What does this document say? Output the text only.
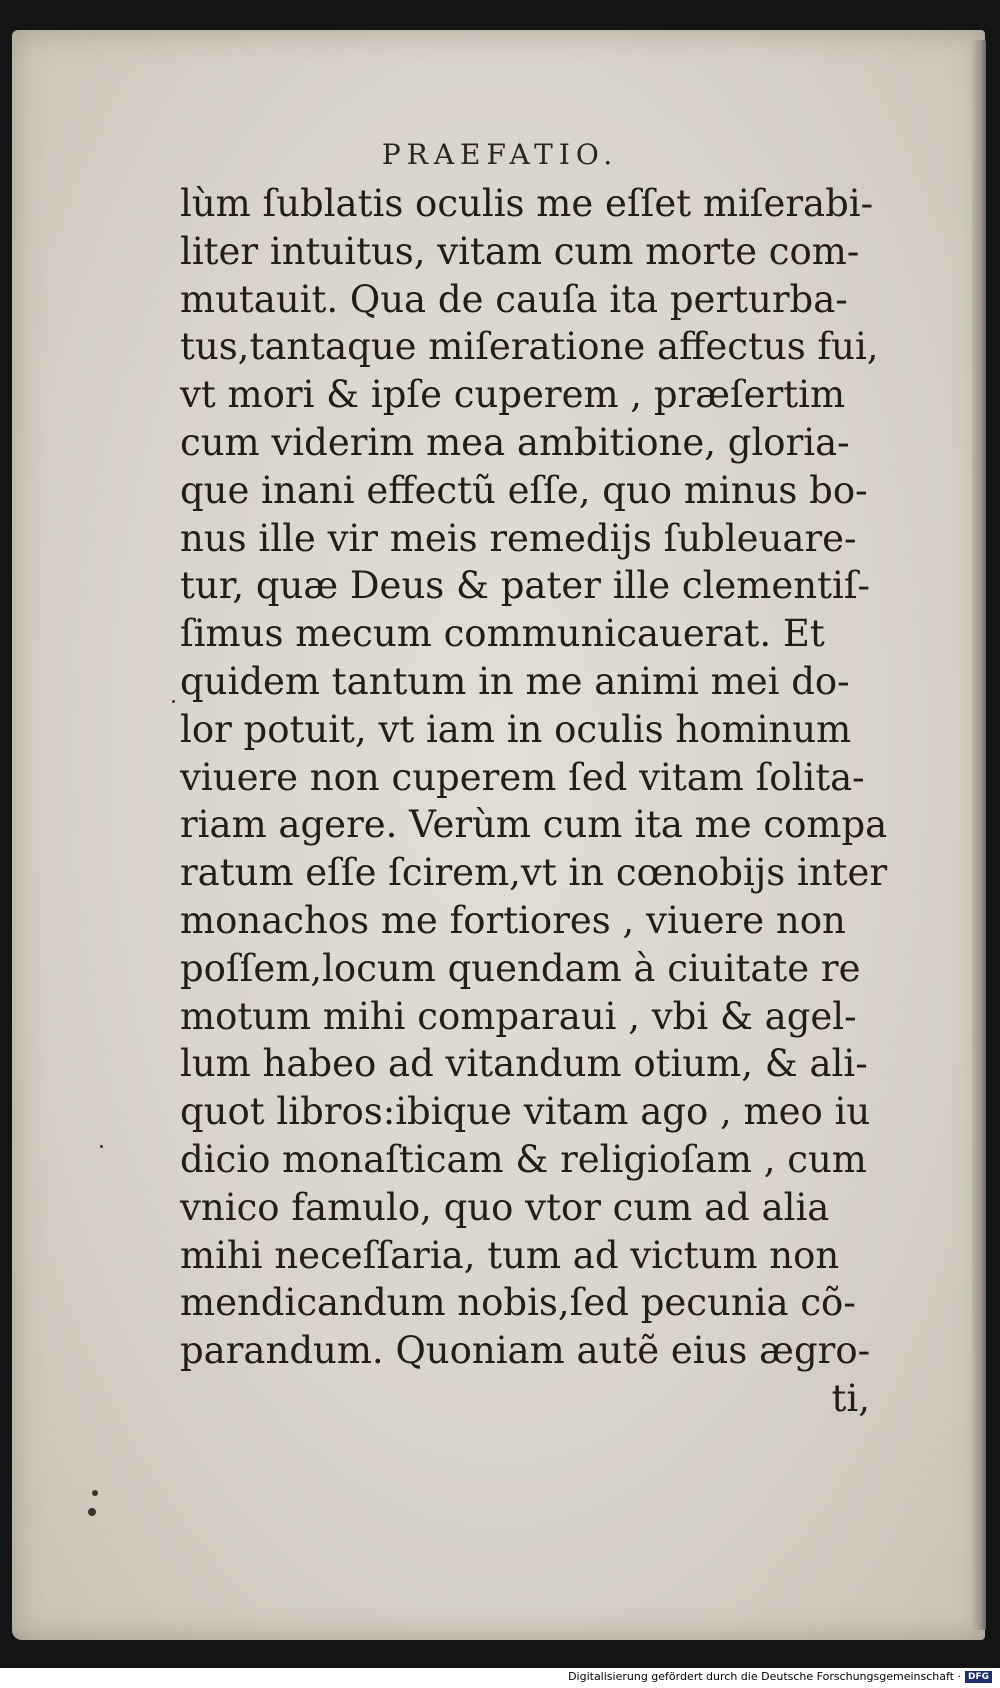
PRAEFATIO.
lùm ſublatis oculis me eſſet miſerabi-
liter intuitus, vitam cum morte com-
mutauit. Qua de cauſa ita perturba-
tus,tantaque miſeratione affectus fui,
vt mori & ipſe cuperem , præſertim
cum viderim mea ambitione, gloria-
que inani effectũ eſſe, quo minus bo-
nus ille vir meis remedijs ſubleuare-
tur, quæ Deus & pater ille clementiſ-
ſimus mecum communicauerat. Et
quidem tantum in me animi mei do-
lor potuit, vt iam in oculis hominum
viuere non cuperem ſed vitam ſolita-
riam agere. Verùm cum ita me compa
ratum eſſe ſcirem,vt in cœnobijs inter
monachos me fortiores , viuere non
poſſem,locum quendam à ciuitate re
motum mihi comparaui , vbi & agel-
lum habeo ad vitandum otium, & ali-
quot libros:ibique vitam ago , meo iu
dicio monaſticam & religioſam , cum
vnico famulo, quo vtor cum ad alia
mihi neceſſaria, tum ad victum non
mendicandum nobis,ſed pecunia cõ-
parandum. Quoniam autẽ eius ægro-
ti,
Digitalisierung gefördert durch die Deutsche Forschungsgemeinschaft · DFG
